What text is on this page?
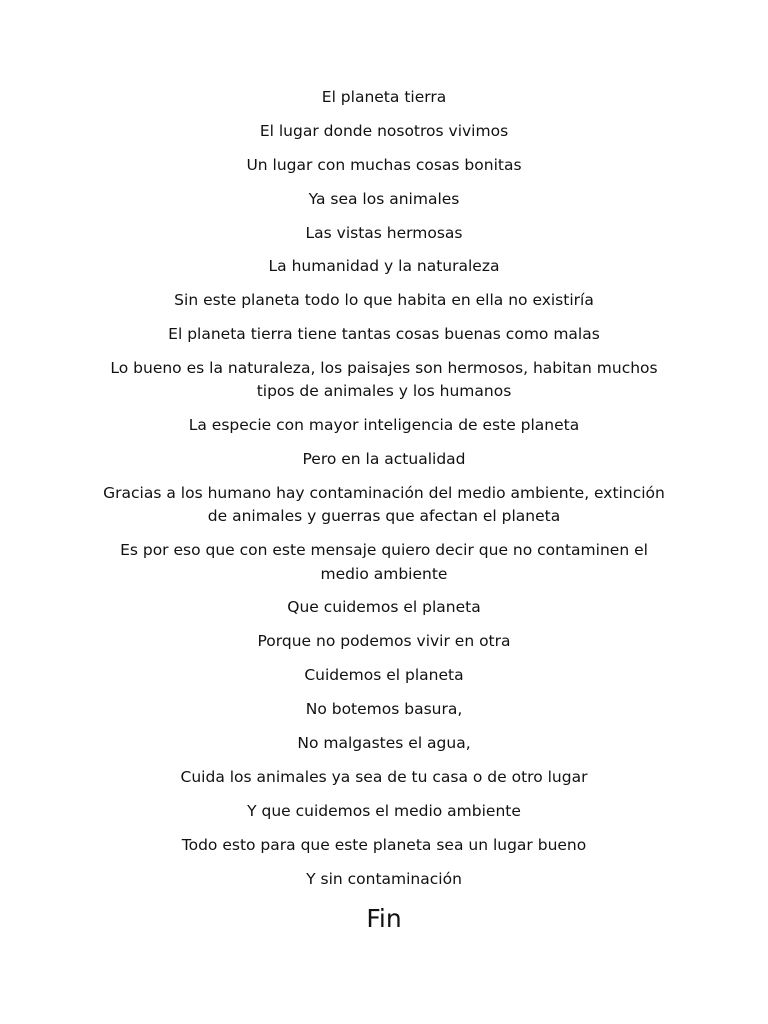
El planeta tierra

El lugar donde nosotros vivimos

Un lugar con muchas cosas bonitas

Ya sea los animales

Las vistas hermosas

La humanidad y la naturaleza

Sin este planeta todo lo que habita en ella no existiría

El planeta tierra tiene tantas cosas buenas como malas

Lo bueno es la naturaleza, los paisajes son hermosos, habitan muchos tipos de animales y los humanos

La especie con mayor inteligencia de este planeta

Pero en la actualidad

Gracias a los humano hay contaminación del medio ambiente, extinción de animales y guerras que afectan el planeta

Es por eso que con este mensaje quiero decir que no contaminen el medio ambiente

Que cuidemos el planeta

Porque no podemos vivir en otra

Cuidemos el planeta

No botemos basura,

No malgastes el agua,

Cuida los animales ya sea de tu casa o de otro lugar

Y que cuidemos el medio ambiente

Todo esto para que este planeta sea un lugar bueno

Y sin contaminación

Fin
